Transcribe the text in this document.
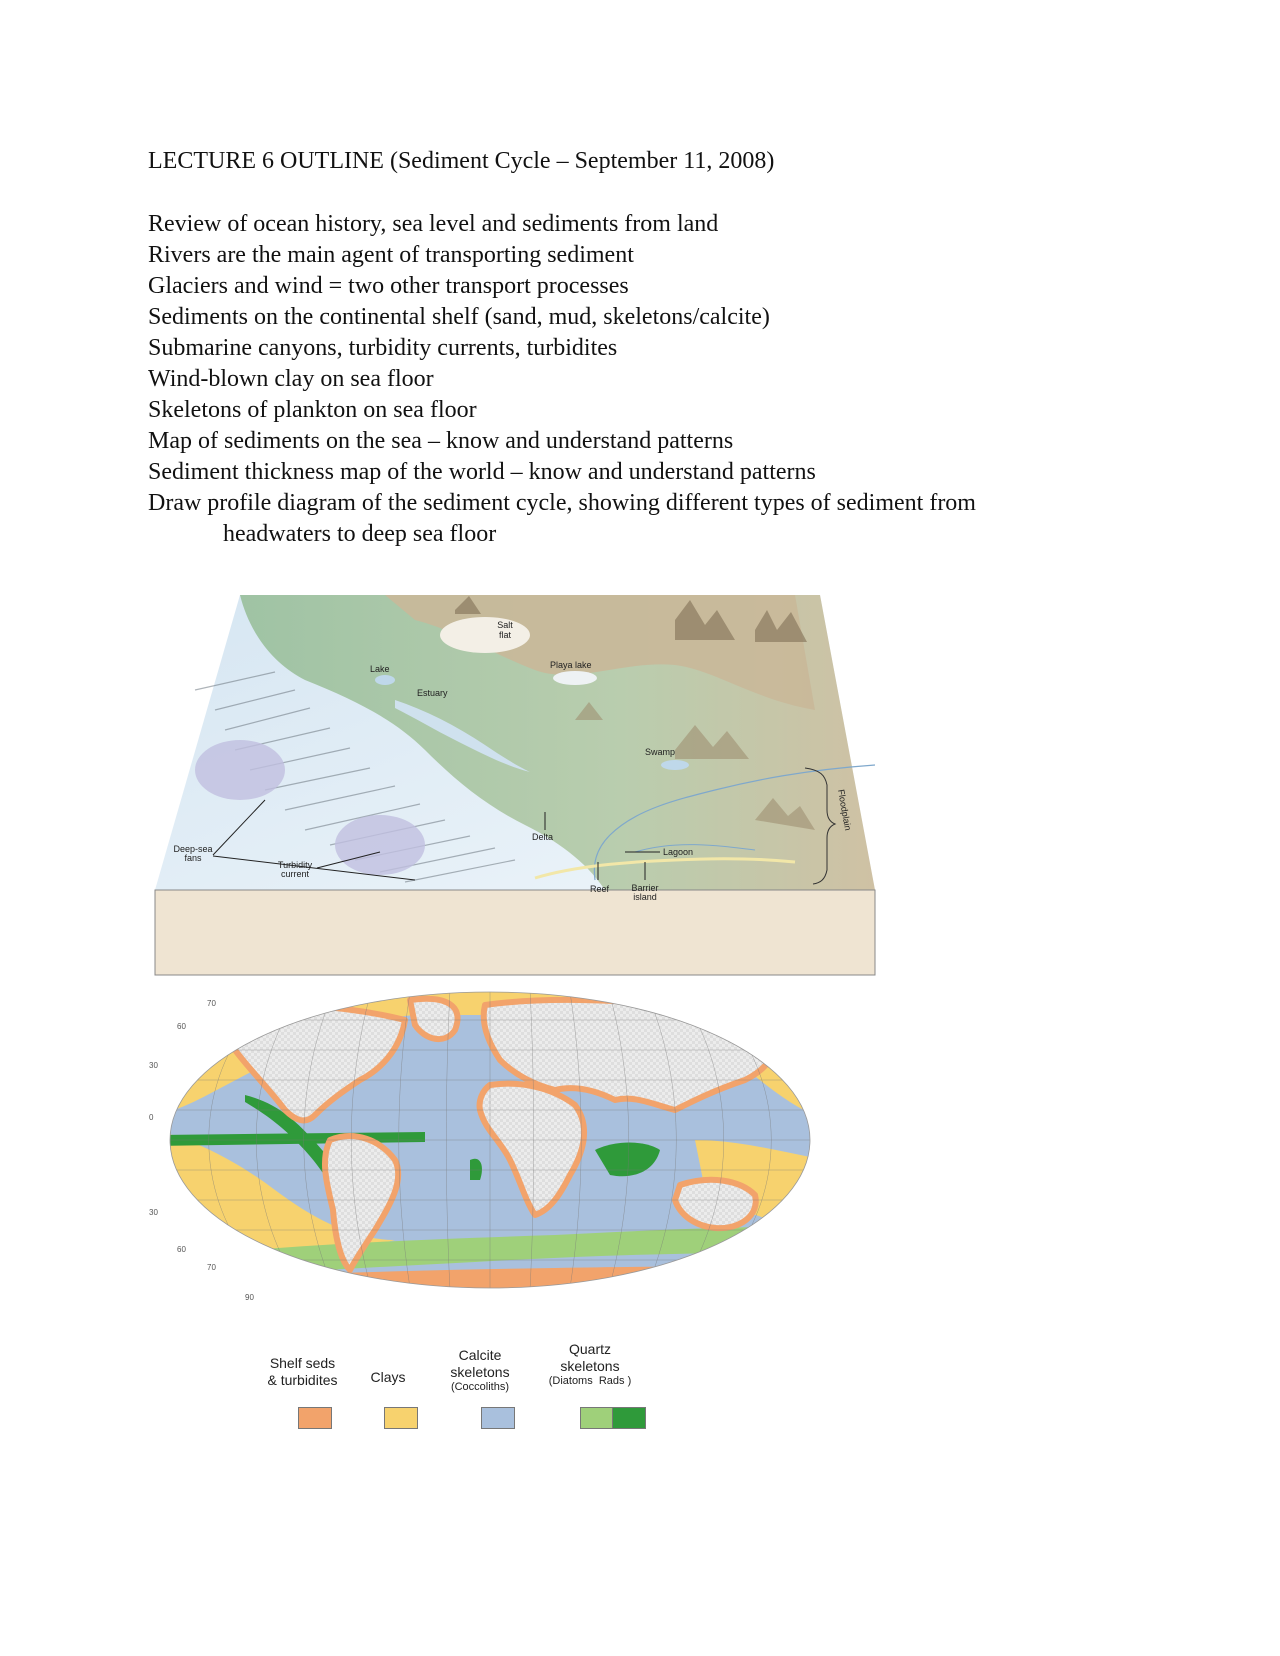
LECTURE 6 OUTLINE (Sediment Cycle – September 11, 2008)
Review of ocean history, sea level and sediments from land
Rivers are the main agent of transporting sediment
Glaciers and wind = two other transport processes
Sediments on the continental shelf (sand, mud, skeletons/calcite)
Submarine canyons, turbidity currents, turbidites
Wind-blown clay on sea floor
Skeletons of plankton on sea floor
Map of sediments on the sea – know and understand patterns
Sediment thickness map of the world – know and understand patterns
Draw profile diagram of the sediment cycle, showing different types of sediment from
headwaters to deep sea floor
Salt
flat
Playa lake
Lake
Estuary
Swamp
Floodplain
Deep-sea
fans
Delta
Lagoon
Turbidity
current
Reef Barrier
island
70
60
60
70
90
30
0
30
Shelf seds
& turbidites	Clays
Calcite
skeletons
(Coccoliths)
Quartz
skeletons
(Diatoms Rads )
